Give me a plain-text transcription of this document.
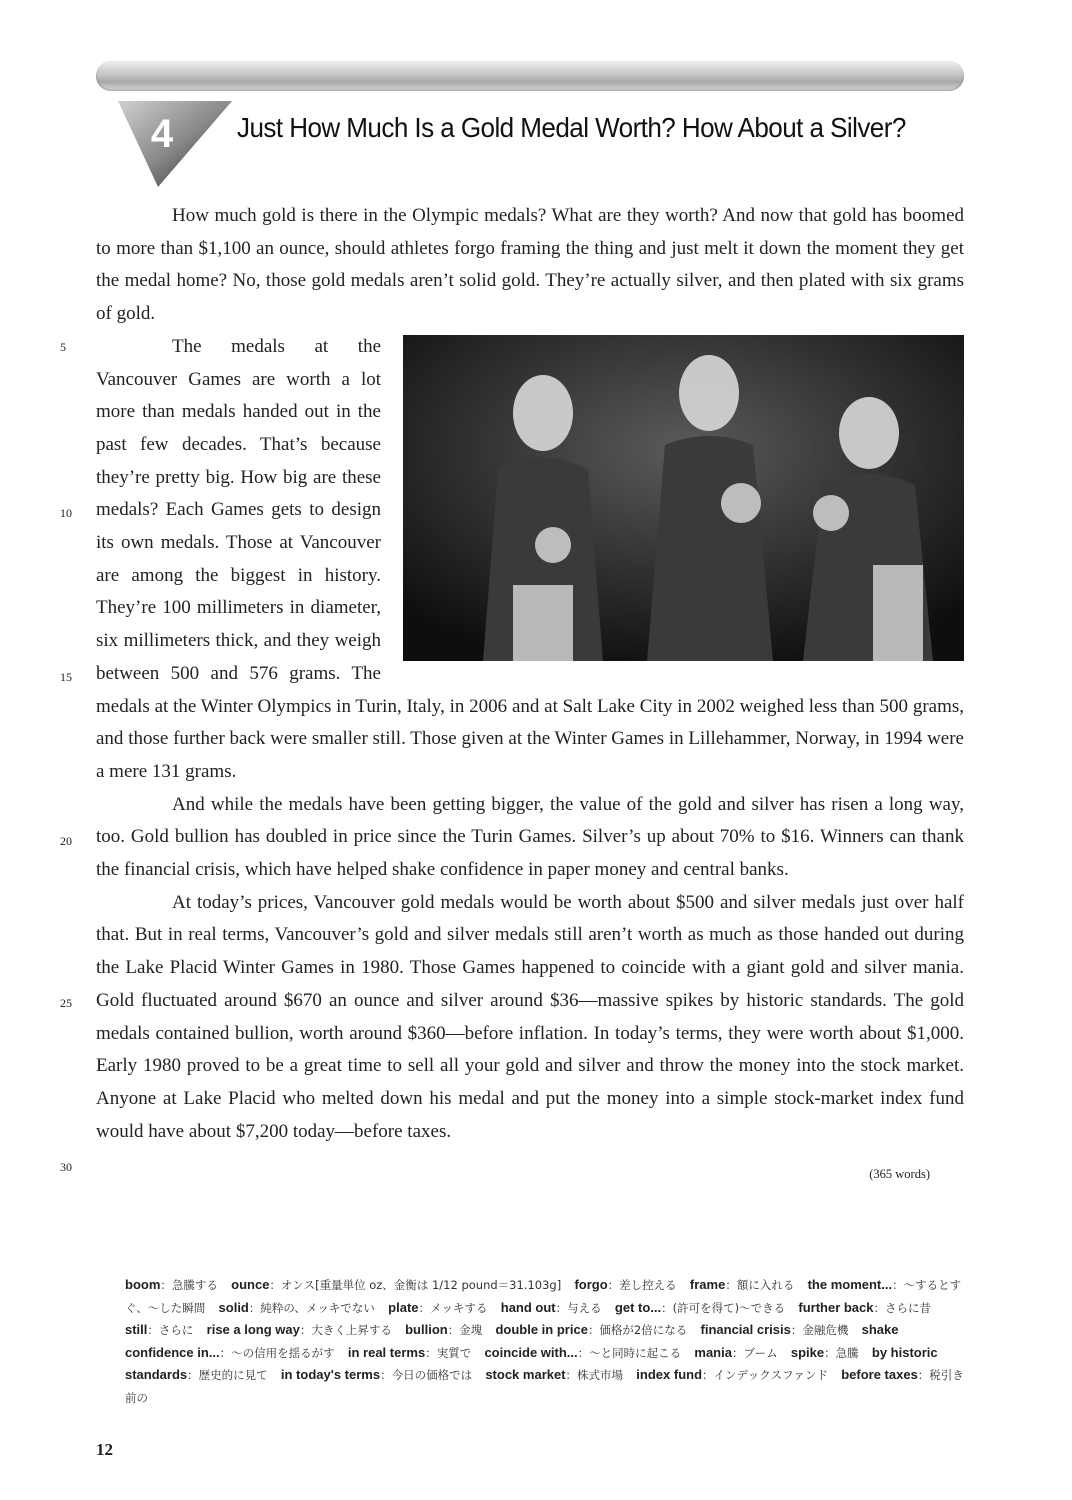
4 Just How Much Is a Gold Medal Worth? How About a Silver?
5
10
15
20
25
30

How much gold is there in the Olympic medals? What are they worth? And now that gold has boomed to more than $1,100 an ounce, should athletes forgo framing the thing and just melt it down the moment they get the medal home? No, those gold medals aren’t solid gold. They’re actually silver, and then plated with six grams of gold.

The medals at the Vancouver Games are worth a lot more than medals handed out in the past few decades. That’s because they’re pretty big. How big are these medals? Each Games gets to design its own medals. Those at Vancouver are among the biggest in history. They’re 100 millimeters in diameter, six millimeters thick, and they weigh between 500 and 576 grams. The medals at the Winter Olympics in Turin, Italy, in 2006 and at Salt Lake City in 2002 weighed less than 500 grams, and those further back were smaller still. Those given at the Winter Games in Lillehammer, Norway, in 1994 were a mere 131 grams.

And while the medals have been getting bigger, the value of the gold and silver has risen a long way, too. Gold bullion has doubled in price since the Turin Games. Silver’s up about 70% to $16. Winners can thank the financial crisis, which have helped shake confidence in paper money and central banks.

At today’s prices, Vancouver gold medals would be worth about $500 and silver medals just over half that. But in real terms, Vancouver’s gold and silver medals still aren’t worth as much as those handed out during the Lake Placid Winter Games in 1980. Those Games happened to coincide with a giant gold and silver mania. Gold fluctuated around $670 an ounce and silver around $36—massive spikes by historic standards. The gold medals contained bullion, worth around $360—before inflation. In today’s terms, they were worth about $1,000. Early 1980 proved to be a great time to sell all your gold and silver and throw the money into the stock market. Anyone at Lake Placid who melted down his medal and put the money into a simple stock-market index fund would have about $7,200 today—before taxes.

(365 words)
boom：急騰する ounce：オンス[重量単位 oz、金衡は 1/12 pound＝31.103g] forgo：差し控える frame：額に入れる the moment...：～するとすぐ、～した瞬間 solid：純粋の、メッキでない plate：メッキする hand out：与える get to...：(許可を得て)～できる further back：さらに昔 still：さらに rise a long way：大きく上昇する bullion：金塊 double in price：価格が2倍になる financial crisis：金融危機 shake confidence in...：～の信用を揺るがす in real terms：実質で coincide with...：～と同時に起こる mania：ブーム spike：急騰 by historic standards：歴史的に見て in today's terms：今日の価格では stock market：株式市場 index fund：インデックスファンド before taxes：税引き前の
12
